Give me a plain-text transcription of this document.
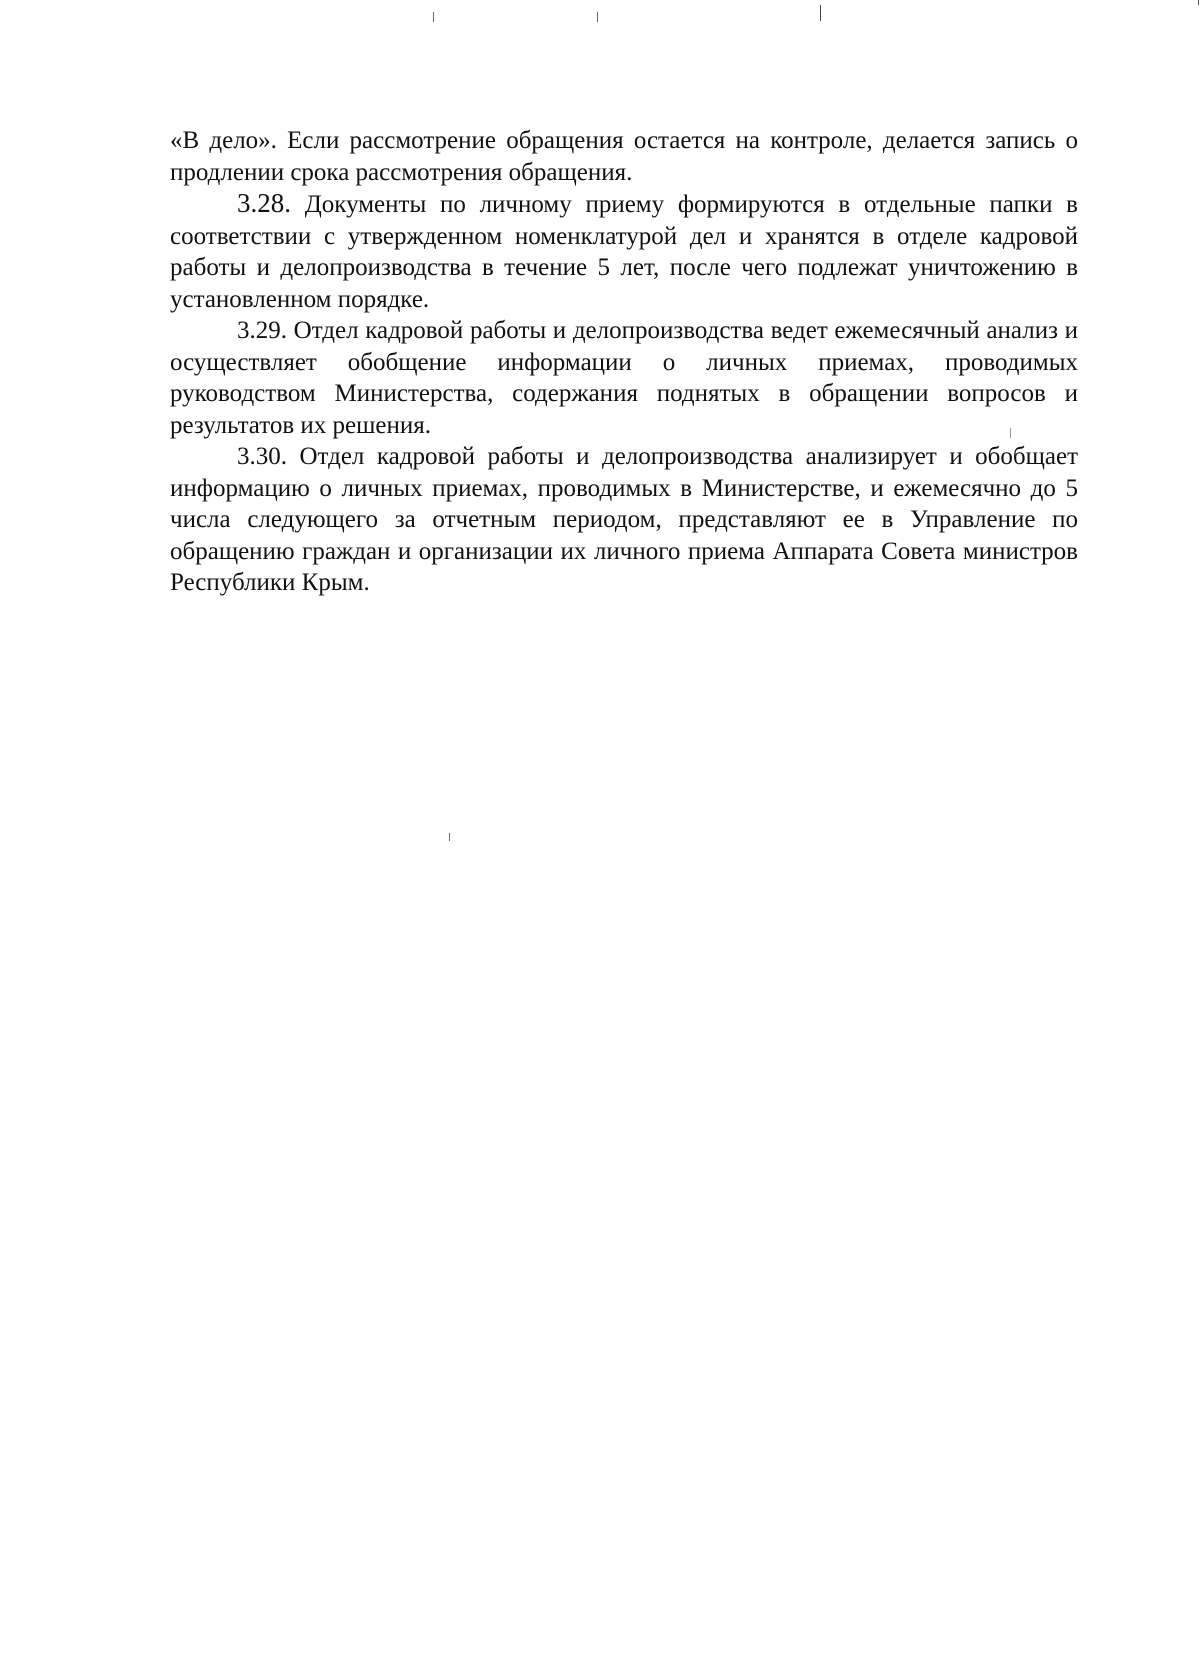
«В дело». Если рассмотрение обращения остается на контроле, делается запись о продлении срока рассмотрения обращения.

3.28. Документы по личному приему формируются в отдельные папки в соответствии с утвержденном номенклатурой дел и хранятся в отделе кадровой работы и делопроизводства в течение 5 лет, после чего подлежат уничтожению в установленном порядке.

3.29. Отдел кадровой работы и делопроизводства ведет ежемесячный анализ и осуществляет обобщение информации о личных приемах, проводимых руководством Министерства, содержания поднятых в обращении вопросов и результатов их решения.

3.30. Отдел кадровой работы и делопроизводства анализирует и обобщает информацию о личных приемах, проводимых в Министерстве, и ежемесячно до 5 числа следующего за отчетным периодом, представляют ее в Управление по обращению граждан и организации их личного приема Аппарата Совета министров Республики Крым.
